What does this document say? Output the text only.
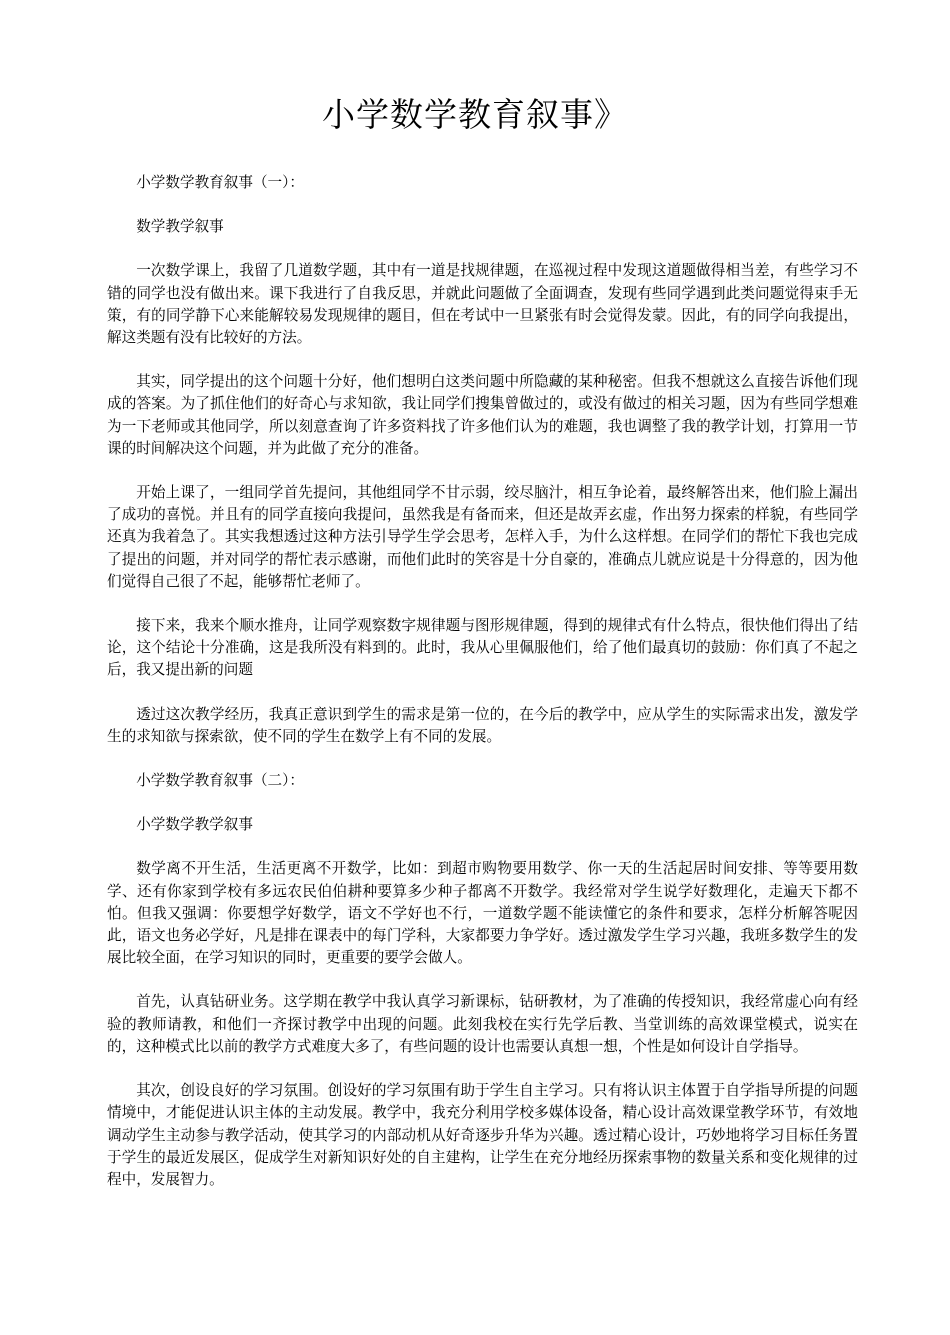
小学数学教育叙事》

小学数学教育叙事（一）：

数学教学叙事

一次数学课上，我留了几道数学题，其中有一道是找规律题，在巡视过程中发现这道题做得相当差，有些学习不错的同学也没有做出来。课下我进行了自我反思，并就此问题做了全面调查，发现有些同学遇到此类问题觉得束手无策，有的同学静下心来能解较易发现规律的题目，但在考试中一旦紧张有时会觉得发蒙。因此，有的同学向我提出，解这类题有没有比较好的方法。

其实，同学提出的这个问题十分好，他们想明白这类问题中所隐藏的某种秘密。但我不想就这么直接告诉他们现成的答案。为了抓住他们的好奇心与求知欲，我让同学们搜集曾做过的，或没有做过的相关习题，因为有些同学想难为一下老师或其他同学，所以刻意查询了许多资料找了许多他们认为的难题，我也调整了我的教学计划，打算用一节课的时间解决这个问题，并为此做了充分的准备。

开始上课了，一组同学首先提问，其他组同学不甘示弱，绞尽脑汁，相互争论着，最终解答出来，他们脸上漏出了成功的喜悦。并且有的同学直接向我提问，虽然我是有备而来，但还是故弄玄虚，作出努力探索的样貌，有些同学还真为我着急了。其实我想透过这种方法引导学生学会思考，怎样入手，为什么这样想。在同学们的帮忙下我也完成了提出的问题，并对同学的帮忙表示感谢，而他们此时的笑容是十分自豪的，准确点儿就应说是十分得意的，因为他们觉得自己很了不起，能够帮忙老师了。

接下来，我来个顺水推舟，让同学观察数字规律题与图形规律题，得到的规律式有什么特点，很快他们得出了结论，这个结论十分准确，这是我所没有料到的。此时，我从心里佩服他们，给了他们最真切的鼓励：你们真了不起之后，我又提出新的问题

透过这次教学经历，我真正意识到学生的需求是第一位的，在今后的教学中，应从学生的实际需求出发，激发学生的求知欲与探索欲，使不同的学生在数学上有不同的发展。

小学数学教育叙事（二）：

小学数学教学叙事

数学离不开生活，生活更离不开数学，比如：到超市购物要用数学、你一天的生活起居时间安排、等等要用数学、还有你家到学校有多远农民伯伯耕种要算多少种子都离不开数学。我经常对学生说学好数理化，走遍天下都不怕。但我又强调：你要想学好数学，语文不学好也不行，一道数学题不能读懂它的条件和要求，怎样分析解答呢因此，语文也务必学好，凡是排在课表中的每门学科，大家都要力争学好。透过激发学生学习兴趣，我班多数学生的发展比较全面，在学习知识的同时，更重要的要学会做人。

首先，认真钻研业务。这学期在教学中我认真学习新课标，钻研教材，为了准确的传授知识，我经常虚心向有经验的教师请教，和他们一齐探讨教学中出现的问题。此刻我校在实行先学后教、当堂训练的高效课堂模式，说实在的，这种模式比以前的教学方式难度大多了，有些问题的设计也需要认真想一想，个性是如何设计自学指导。

其次，创设良好的学习氛围。创设好的学习氛围有助于学生自主学习。只有将认识主体置于自学指导所提的问题情境中，才能促进认识主体的主动发展。教学中，我充分利用学校多媒体设备，精心设计高效课堂教学环节，有效地调动学生主动参与教学活动，使其学习的内部动机从好奇逐步升华为兴趣。透过精心设计，巧妙地将学习目标任务置于学生的最近发展区，促成学生对新知识好处的自主建构，让学生在充分地经历探索事物的数量关系和变化规律的过程中，发展智力。
